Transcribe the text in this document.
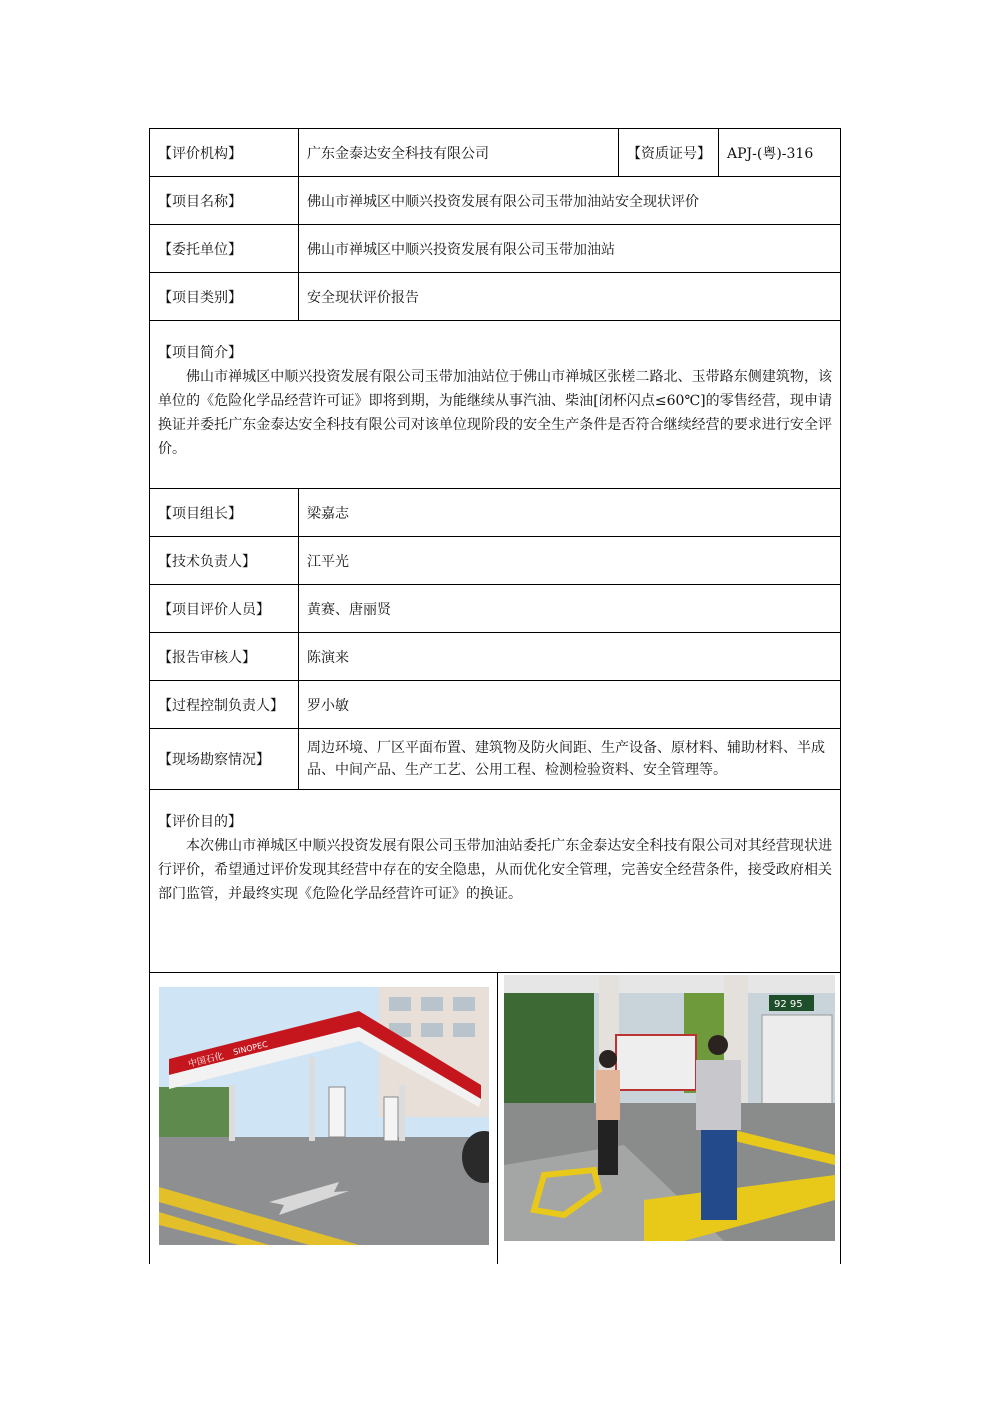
【评价机构】	广东金泰达安全科技有限公司	【资质证号】	APJ-(粤)-316
【项目名称】	佛山市禅城区中顺兴投资发展有限公司玉带加油站安全现状评价
【委托单位】	佛山市禅城区中顺兴投资发展有限公司玉带加油站
【项目类别】	安全现状评价报告
【项目简介】

佛山市禅城区中顺兴投资发展有限公司玉带加油站位于佛山市禅城区张槎二路北、玉带路东侧建筑物，该单位的《危险化学品经营许可证》即将到期，为能继续从事汽油、柴油[闭杯闪点≤60℃]的零售经营，现申请换证并委托广东金泰达安全科技有限公司对该单位现阶段的安全生产条件是否符合继续经营的要求进行安全评价。

【项目组长】	梁嘉志
【技术负责人】	江平光
【项目评价人员】	黄赛、唐丽贤
【报告审核人】	陈演来
【过程控制负责人】	罗小敏
【现场勘察情况】
周边环境、厂区平面布置、建筑物及防火间距、生产设备、原材料、辅助材料、半成品、中间产品、生产工艺、公用工程、检测检验资料、安全管理等。
【评价目的】

本次佛山市禅城区中顺兴投资发展有限公司玉带加油站委托广东金泰达安全科技有限公司对其经营现状进行评价，希望通过评价发现其经营中存在的安全隐患，从而优化安全管理，完善安全经营条件，接受政府相关部门监管，并最终实现《危险化学品经营许可证》的换证。

中国石化
SINOPEC
92 95
